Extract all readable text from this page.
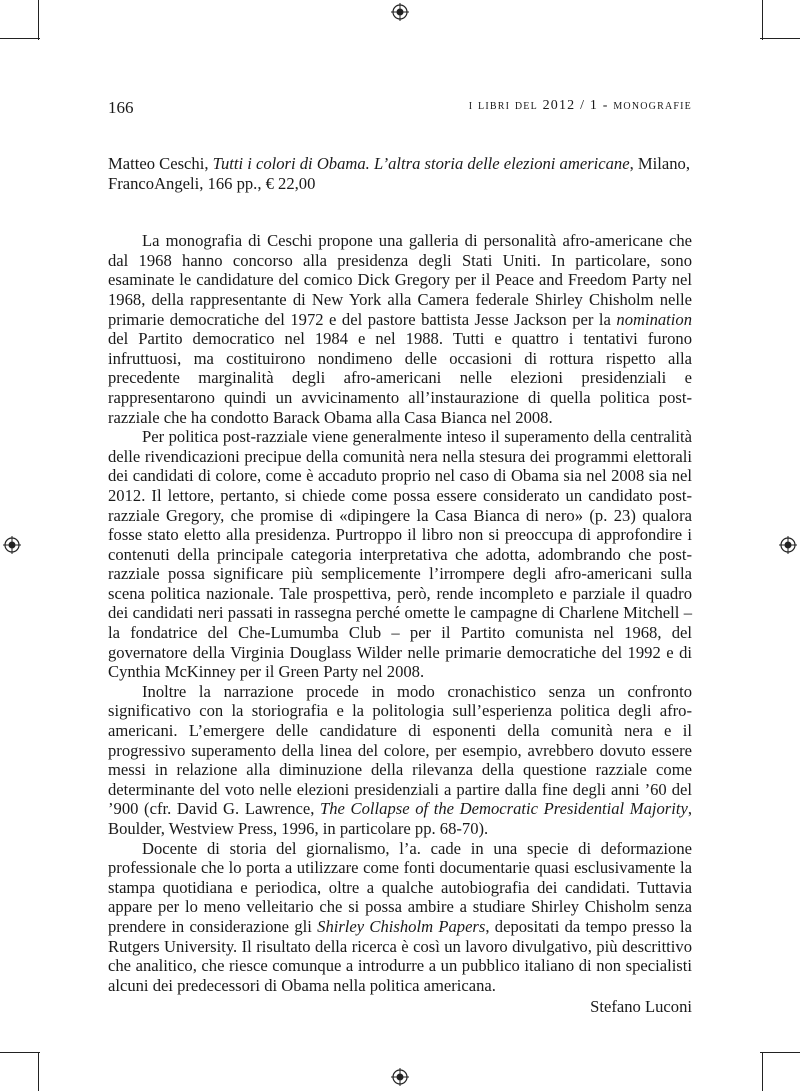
166	i libri del 2012 / 1 - monografie

Matteo Ceschi, Tutti i colori di Obama. L’altra storia delle elezioni americane, Milano, FrancoAngeli, 166 pp., € 22,00

La monografia di Ceschi propone una galleria di personalità afro-americane che dal 1968 hanno concorso alla presidenza degli Stati Uniti. In particolare, sono esaminate le candidature del comico Dick Gregory per il Peace and Freedom Party nel 1968, della rappresentante di New York alla Camera federale Shirley Chisholm nelle primarie democratiche del 1972 e del pastore battista Jesse Jackson per la nomination del Partito democratico nel 1984 e nel 1988. Tutti e quattro i tentativi furono infruttuosi, ma costituirono nondimeno delle occasioni di rottura rispetto alla precedente marginalità degli afro-americani nelle elezioni presidenziali e rappresentarono quindi un avvicinamento all’instaurazione di quella politica post-razziale che ha condotto Barack Obama alla Casa Bianca nel 2008.

Per politica post-razziale viene generalmente inteso il superamento della centralità delle rivendicazioni precipue della comunità nera nella stesura dei programmi elettorali dei candidati di colore, come è accaduto proprio nel caso di Obama sia nel 2008 sia nel 2012. Il lettore, pertanto, si chiede come possa essere considerato un candidato post-razziale Gregory, che promise di «dipingere la Casa Bianca di nero» (p. 23) qualora fosse stato eletto alla presidenza. Purtroppo il libro non si preoccupa di approfondire i contenuti della principale categoria interpretativa che adotta, adombrando che post-razziale possa significare più semplicemente l’irrompere degli afro-americani sulla scena politica nazionale. Tale prospettiva, però, rende incompleto e parziale il quadro dei candidati neri passati in rassegna perché omette le campagne di Charlene Mitchell – la fondatrice del Che-Lumumba Club – per il Partito comunista nel 1968, del governatore della Virginia Douglass Wilder nelle primarie democratiche del 1992 e di Cynthia McKinney per il Green Party nel 2008.

Inoltre la narrazione procede in modo cronachistico senza un confronto significativo con la storiografia e la politologia sull’esperienza politica degli afro-americani. L’emergere delle candidature di esponenti della comunità nera e il progressivo superamento della linea del colore, per esempio, avrebbero dovuto essere messi in relazione alla diminuzione della rilevanza della questione razziale come determinante del voto nelle elezioni presidenziali a partire dalla fine degli anni ’60 del ’900 (cfr. David G. Lawrence, The Collapse of the Democratic Presidential Majority, Boulder, Westview Press, 1996, in particolare pp. 68-70).

Docente di storia del giornalismo, l’a. cade in una specie di deformazione professionale che lo porta a utilizzare come fonti documentarie quasi esclusivamente la stampa quotidiana e periodica, oltre a qualche autobiografia dei candidati. Tuttavia appare per lo meno velleitario che si possa ambire a studiare Shirley Chisholm senza prendere in considerazione gli Shirley Chisholm Papers, depositati da tempo presso la Rutgers University. Il risultato della ricerca è così un lavoro divulgativo, più descrittivo che analitico, che riesce comunque a introdurre a un pubblico italiano di non specialisti alcuni dei predecessori di Obama nella politica americana.

Stefano Luconi
